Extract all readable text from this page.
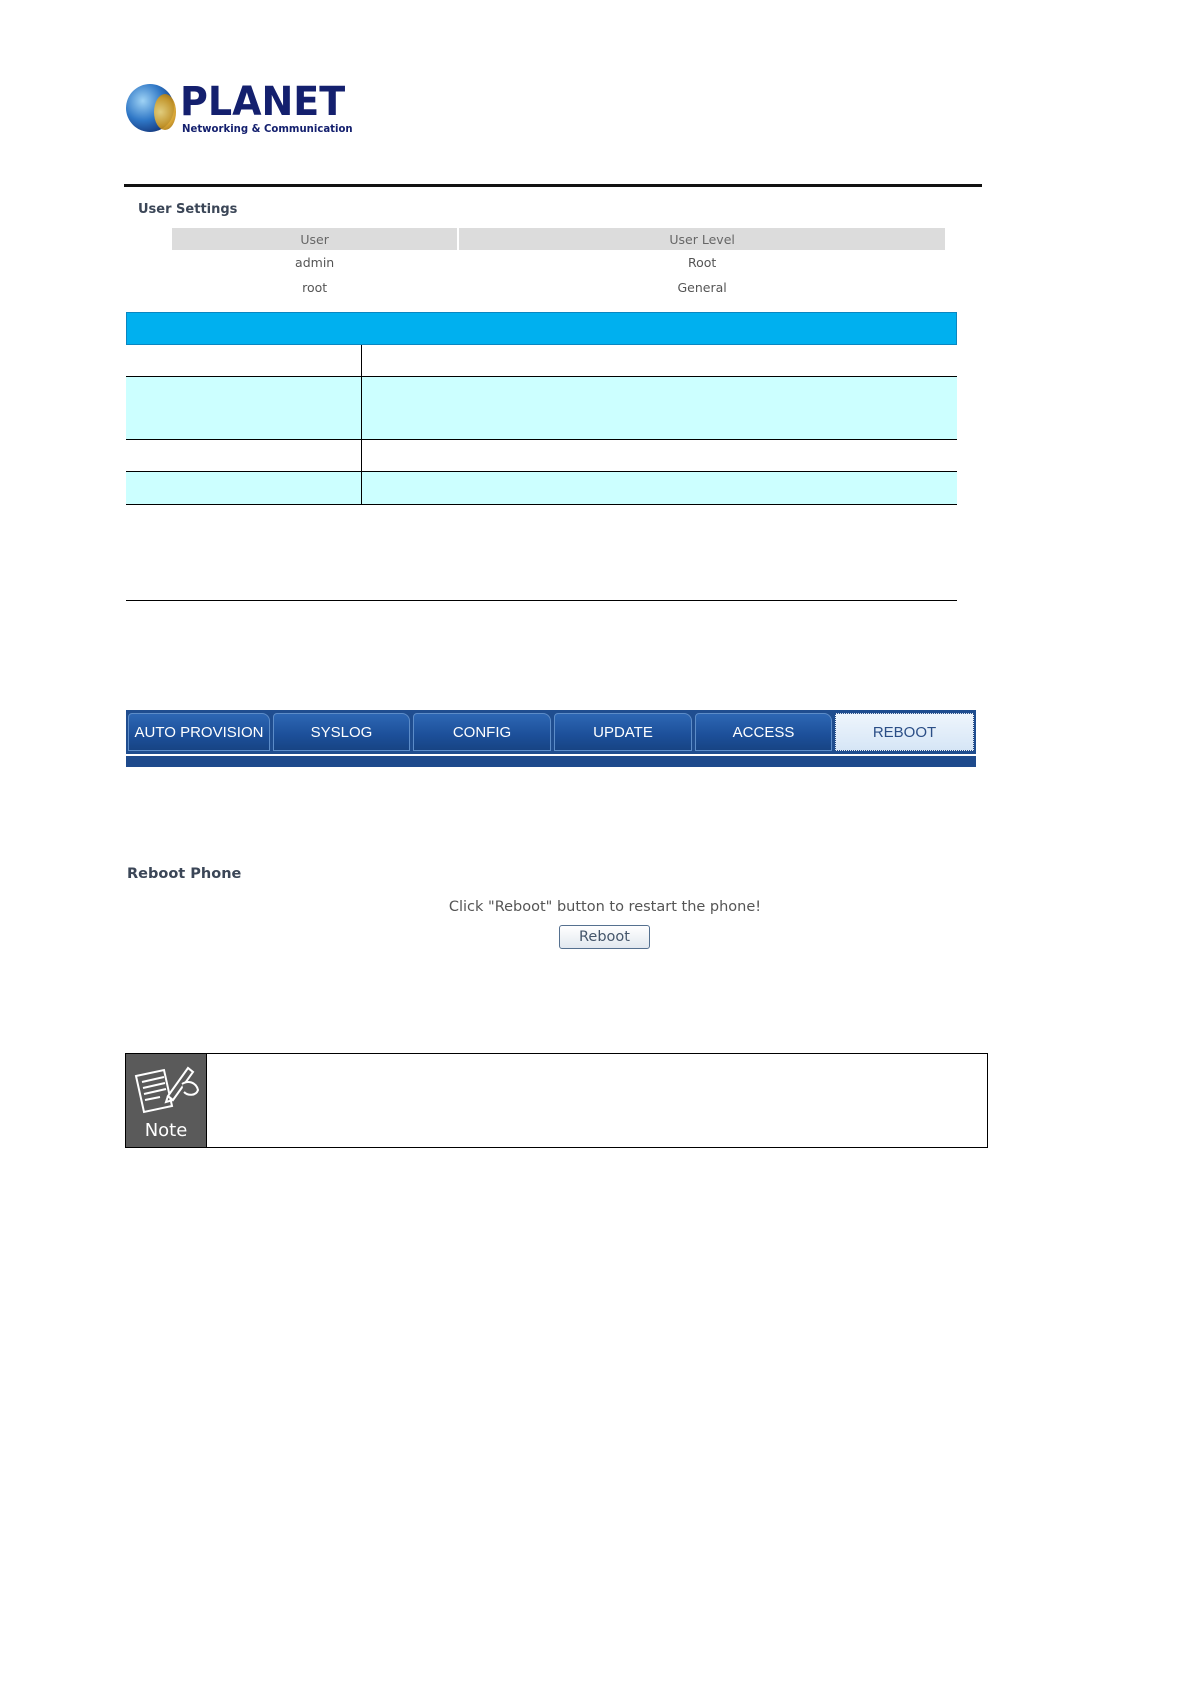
PLANET
Networking & Communication
User Settings
User	User Level
admin	Root
root	General
AUTO PROVISION	SYSLOG	CONFIG	UPDATE	ACCESS	REBOOT
Reboot Phone
Click "Reboot" button to restart the phone!
Reboot
Note
